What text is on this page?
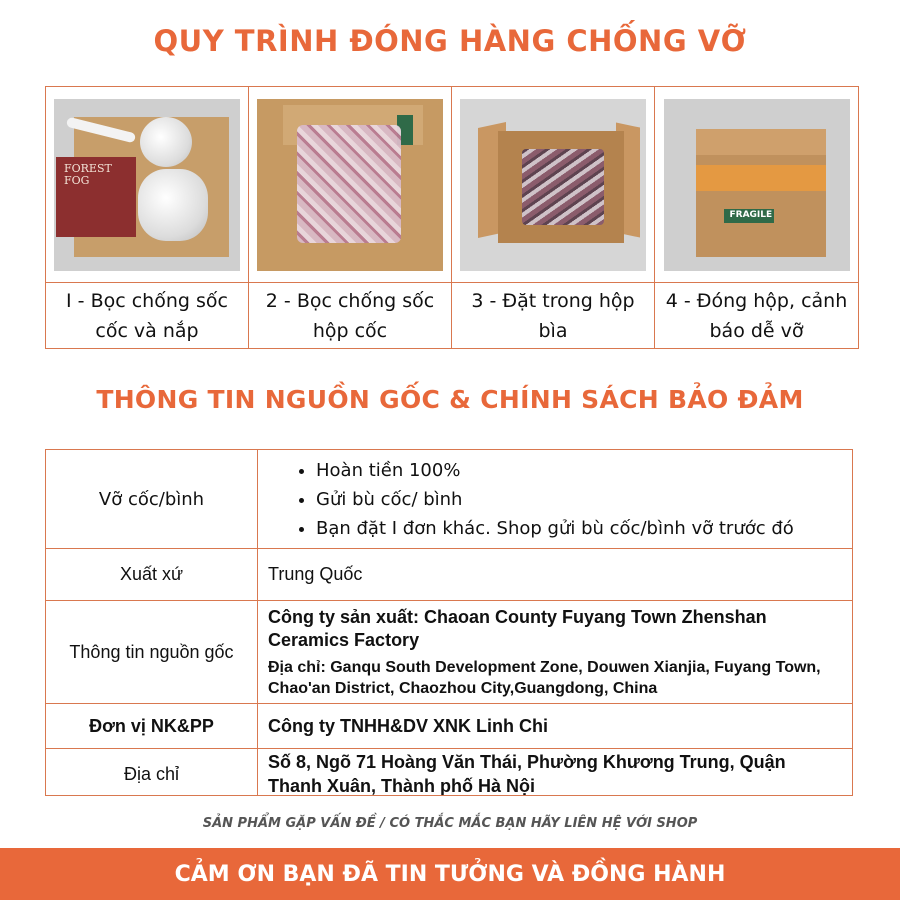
QUY TRÌNH ĐÓNG HÀNG CHỐNG VỠ
FOREST FOG
FRAGILE
I - Bọc chống sốc cốc và nắp
2 - Bọc chống sốc hộp cốc
3 - Đặt trong hộp bìa
4 - Đóng hộp, cảnh báo dễ vỡ
THÔNG TIN NGUỒN GỐC & CHÍNH SÁCH BẢO ĐẢM
Vỡ cốc/bình
• Hoàn tiền 100%
• Gửi bù cốc/ bình
• Bạn đặt I đơn khác. Shop gửi bù cốc/bình vỡ trước đó
Xuất xứ	Trung Quốc
Thông tin nguồn gốc
Công ty sản xuất: Chaoan County Fuyang Town Zhenshan Ceramics Factory
Địa chỉ: Ganqu South Development Zone, Douwen Xianjia, Fuyang Town, Chao'an District, Chaozhou City,Guangdong, China
Đơn vị NK&PP	Công ty TNHH&DV XNK Linh Chi
Địa chỉ
Số 8, Ngõ 71 Hoàng Văn Thái, Phường Khương Trung, Quận Thanh Xuân, Thành phố Hà Nội
SẢN PHẨM GẶP VẤN ĐỀ / CÓ THẮC MẮC BẠN HÃY LIÊN HỆ VỚI SHOP
CẢM ƠN BẠN ĐÃ TIN TƯỞNG VÀ ĐỒNG HÀNH
